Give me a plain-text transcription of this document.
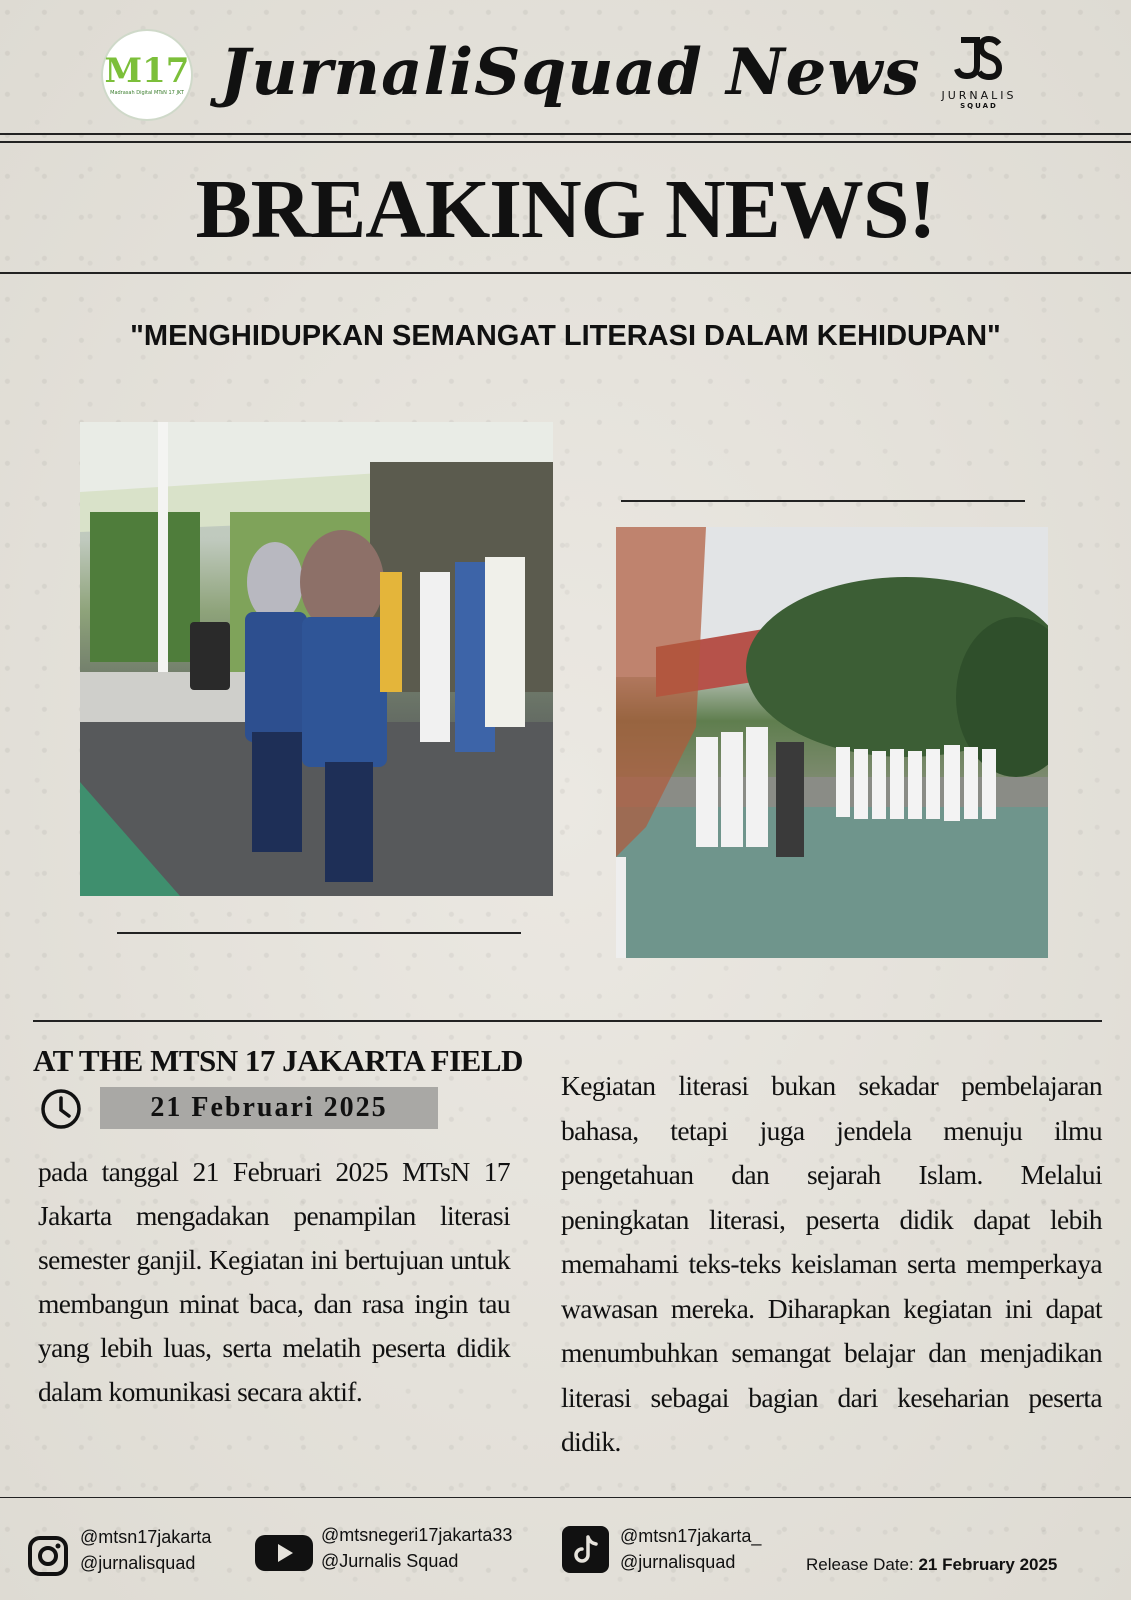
M17
Madrasah Digital MTsN 17 JKT JurnaliSquad News	JURNALIS
SQUAD
BREAKING NEWS!
"MENGHIDUPKAN SEMANGAT LITERASI DALAM KEHIDUPAN"
AT THE MTSN 17 JAKARTA FIELD
21 Februari 2025
pada tanggal 21 Februari 2025 MTsN 17 Jakarta mengadakan penampilan literasi semester ganjil. Kegiatan ini bertujuan untuk membangun minat baca, dan rasa ingin tau yang lebih luas, serta melatih peserta didik dalam komunikasi secara aktif.
Kegiatan literasi bukan sekadar pembelajaran bahasa, tetapi juga jendela menuju ilmu pengetahuan dan sejarah Islam. Melalui peningkatan literasi, peserta didik dapat lebih memahami teks-teks keislaman serta memperkaya wawasan mereka. Diharapkan kegiatan ini dapat menumbuhkan semangat belajar dan menjadikan literasi sebagai bagian dari keseharian peserta didik.
@mtsn17jakarta
@jurnalisquad
@mtsnegeri17jakarta33
@Jurnalis Squad
@mtsn17jakarta_
@jurnalisquad	Release Date: 21 February 2025
